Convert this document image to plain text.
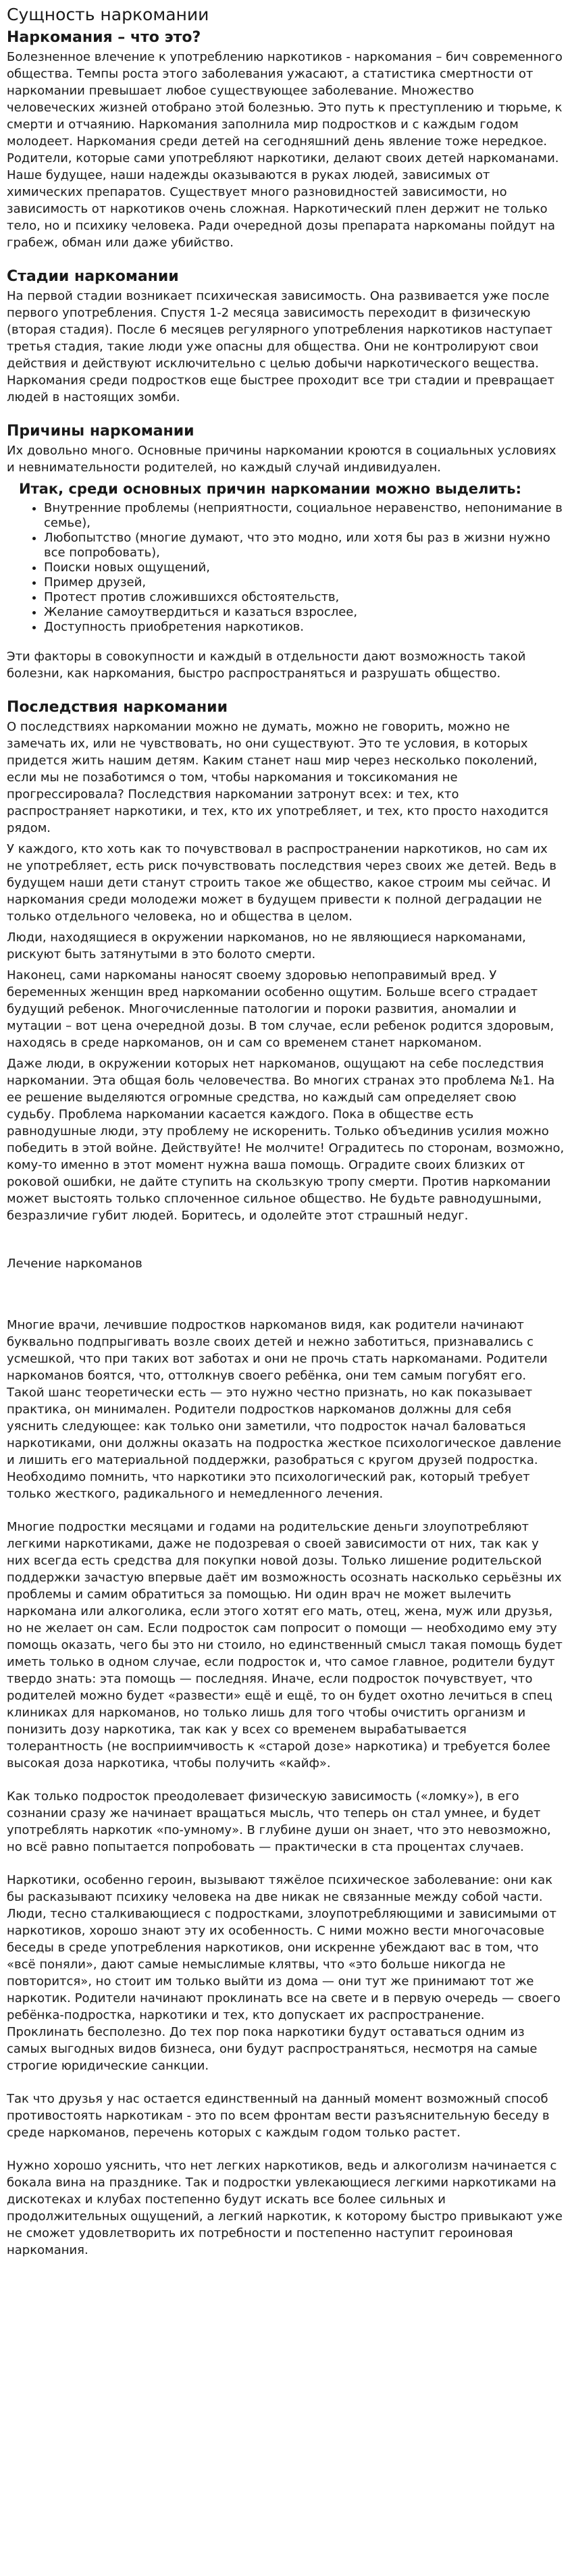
Сущность наркомании
Наркомания – что это?

Болезненное влечение к употреблению наркотиков - наркомания – бич современного общества. Темпы роста этого заболевания ужасают, а статистика смертности от наркомании превышает любое существующее заболевание. Множество человеческих жизней отобрано этой болезнью. Это путь к преступлению и тюрьме, к смерти и отчаянию. Наркомания заполнила мир подростков и с каждым годом молодеет. Наркомания среди детей на сегодняшний день явление тоже нередкое. Родители, которые сами употребляют наркотики, делают своих детей наркоманами. Наше будущее, наши надежды оказываются в руках людей, зависимых от химических препаратов. Существует много разновидностей зависимости, но зависимость от наркотиков очень сложная. Наркотический плен держит не только тело, но и психику человека. Ради очередной дозы препарата наркоманы пойдут на грабеж, обман или даже убийство.

Стадии наркомании

На первой стадии возникает психическая зависимость. Она развивается уже после первого употребления. Спустя 1-2 месяца зависимость переходит в физическую (вторая стадия). После 6 месяцев регулярного употребления наркотиков наступает третья стадия, такие люди уже опасны для общества. Они не контролируют свои действия и действуют исключительно с целью добычи наркотического вещества. Наркомания среди подростков еще быстрее проходит все три стадии и превращает людей в настоящих зомби.

Причины наркомании

Их довольно много. Основные причины наркомании кроются в социальных условиях и невнимательности родителей, но каждый случай индивидуален.

Итак, среди основных причин наркомании можно выделить:
• Внутренние проблемы (неприятности, социальное неравенство, непонимание в семье),
• Любопытство (многие думают, что это модно, или хотя бы раз в жизни нужно все попробовать),
• Поиски новых ощущений,
• Пример друзей,
• Протест против сложившихся обстоятельств,
• Желание самоутвердиться и казаться взрослее,
• Доступность приобретения наркотиков.

Эти факторы в совокупности и каждый в отдельности дают возможность такой болезни, как наркомания, быстро распространяться и разрушать общество.

Последствия наркомании

О последствиях наркомании можно не думать, можно не говорить, можно не замечать их, или не чувствовать, но они существуют. Это те условия, в которых придется жить нашим детям. Каким станет наш мир через несколько поколений, если мы не позаботимся о том, чтобы наркомания и токсикомания не прогрессировала? Последствия наркомании затронут всех: и тех, кто распространяет наркотики, и тех, кто их употребляет, и тех, кто просто находится рядом.

У каждого, кто хоть как то почувствовал в распространении наркотиков, но сам их не употребляет, есть риск почувствовать последствия через своих же детей. Ведь в будущем наши дети станут строить такое же общество, какое строим мы сейчас. И наркомания среди молодежи может в будущем привести к полной деградации не только отдельного человека, но и общества в целом.

Люди, находящиеся в окружении наркоманов, но не являющиеся наркоманами, рискуют быть затянутыми в это болото смерти.

Наконец, сами наркоманы наносят своему здоровью непоправимый вред. У беременных женщин вред наркомании особенно ощутим. Больше всего страдает будущий ребенок. Многочисленные патологии и пороки развития, аномалии и мутации – вот цена очередной дозы. В том случае, если ребенок родится здоровым, находясь в среде наркоманов, он и сам со временем станет наркоманом.

Даже люди, в окружении которых нет наркоманов, ощущают на себе последствия наркомании. Эта общая боль человечества. Во многих странах это проблема №1. На ее решение выделяются огромные средства, но каждый сам определяет свою судьбу. Проблема наркомании касается каждого. Пока в обществе есть равнодушные люди, эту проблему не искоренить. Только объединив усилия можно победить в этой войне. Действуйте! Не молчите! Оградитесь по сторонам, возможно, кому-то именно в этот момент нужна ваша помощь. Оградите своих близких от роковой ошибки, не дайте ступить на скользкую тропу смерти. Против наркомании может выстоять только сплоченное сильное общество. Не будьте равнодушными, безразличие губит людей. Боритесь, и одолейте этот страшный недуг.

Лечение наркоманов

Многие врачи, лечившие подростков наркоманов видя, как родители начинают буквально подпрыгивать возле своих детей и нежно заботиться, признавались с усмешкой, что при таких вот заботах и они не прочь стать наркоманами. Родители наркоманов боятся, что, оттолкнув своего ребёнка, они тем самым погубят его. Такой шанс теоретически есть — это нужно честно признать, но как показывает практика, он минимален. Родители подростков наркоманов должны для себя уяснить следующее: как только они заметили, что подросток начал баловаться наркотиками, они должны оказать на подростка жесткое психологическое давление и лишить его материальной поддержки, разобраться с кругом друзей подростка. Необходимо помнить, что наркотики это психологический рак, который требует только жесткого, радикального и немедленного лечения.

Многие подростки месяцами и годами на родительские деньги злоупотребляют легкими наркотиками, даже не подозревая о своей зависимости от них, так как у них всегда есть средства для покупки новой дозы. Только лишение родительской поддержки зачастую впервые даёт им возможность осознать насколько серьёзны их проблемы и самим обратиться за помощью. Ни один врач не может вылечить наркомана или алкоголика, если этого хотят его мать, отец, жена, муж или друзья, но не желает он сам. Если подросток сам попросит о помощи — необходимо ему эту помощь оказать, чего бы это ни стоило, но единственный смысл такая помощь будет иметь только в одном случае, если подросток и, что самое главное, родители будут твердо знать: эта помощь — последняя. Иначе, если подросток почувствует, что родителей можно будет «развести» ещё и ещё, то он будет охотно лечиться в спец клиниках для наркоманов, но только лишь для того чтобы очистить организм и понизить дозу наркотика, так как у всех со временем вырабатывается толерантность (не восприимчивость к «старой дозе» наркотика) и требуется более высокая доза наркотика, чтобы получить «кайф».

Как только подросток преодолевает физическую зависимость («ломку»), в его сознании сразу же начинает вращаться мысль, что теперь он стал умнее, и будет употреблять наркотик «по-умному». В глубине души он знает, что это невозможно, но всё равно попытается попробовать — практически в ста процентах случаев.

Наркотики, особенно героин, вызывают тяжёлое психическое заболевание: они как бы расказывают психику человека на две никак не связанные между собой части. Люди, тесно сталкивающиеся с подростками, злоупотребляющими и зависимыми от наркотиков, хорошо знают эту их особенность. С ними можно вести многочасовые беседы в среде употребления наркотиков, они искренне убеждают вас в том, что «всё поняли», дают самые немыслимые клятвы, что «это больше никогда не повторится», но стоит им только выйти из дома — они тут же принимают тот же наркотик. Родители начинают проклинать все на свете и в первую очередь — своего ребёнка-подростка, наркотики и тех, кто допускает их распространение. Проклинать бесполезно. До тех пор пока наркотики будут оставаться одним из самых выгодных видов бизнеса, они будут распространяться, несмотря на самые строгие юридические санкции.

Так что друзья у нас остается единственный на данный момент возможный способ противостоять наркотикам - это по всем фронтам вести разъяснительную беседу в среде наркоманов, перечень которых с каждым годом только растет.

Нужно хорошо уяснить, что нет легких наркотиков, ведь и алкоголизм начинается с бокала вина на празднике. Так и подростки увлекающиеся легкими наркотиками на дискотеках и клубах постепенно будут искать все более сильных и продолжительных ощущений, а легкий наркотик, к которому быстро привыкают уже не сможет удовлетворить их потребности и постепенно наступит героиновая наркомания.
